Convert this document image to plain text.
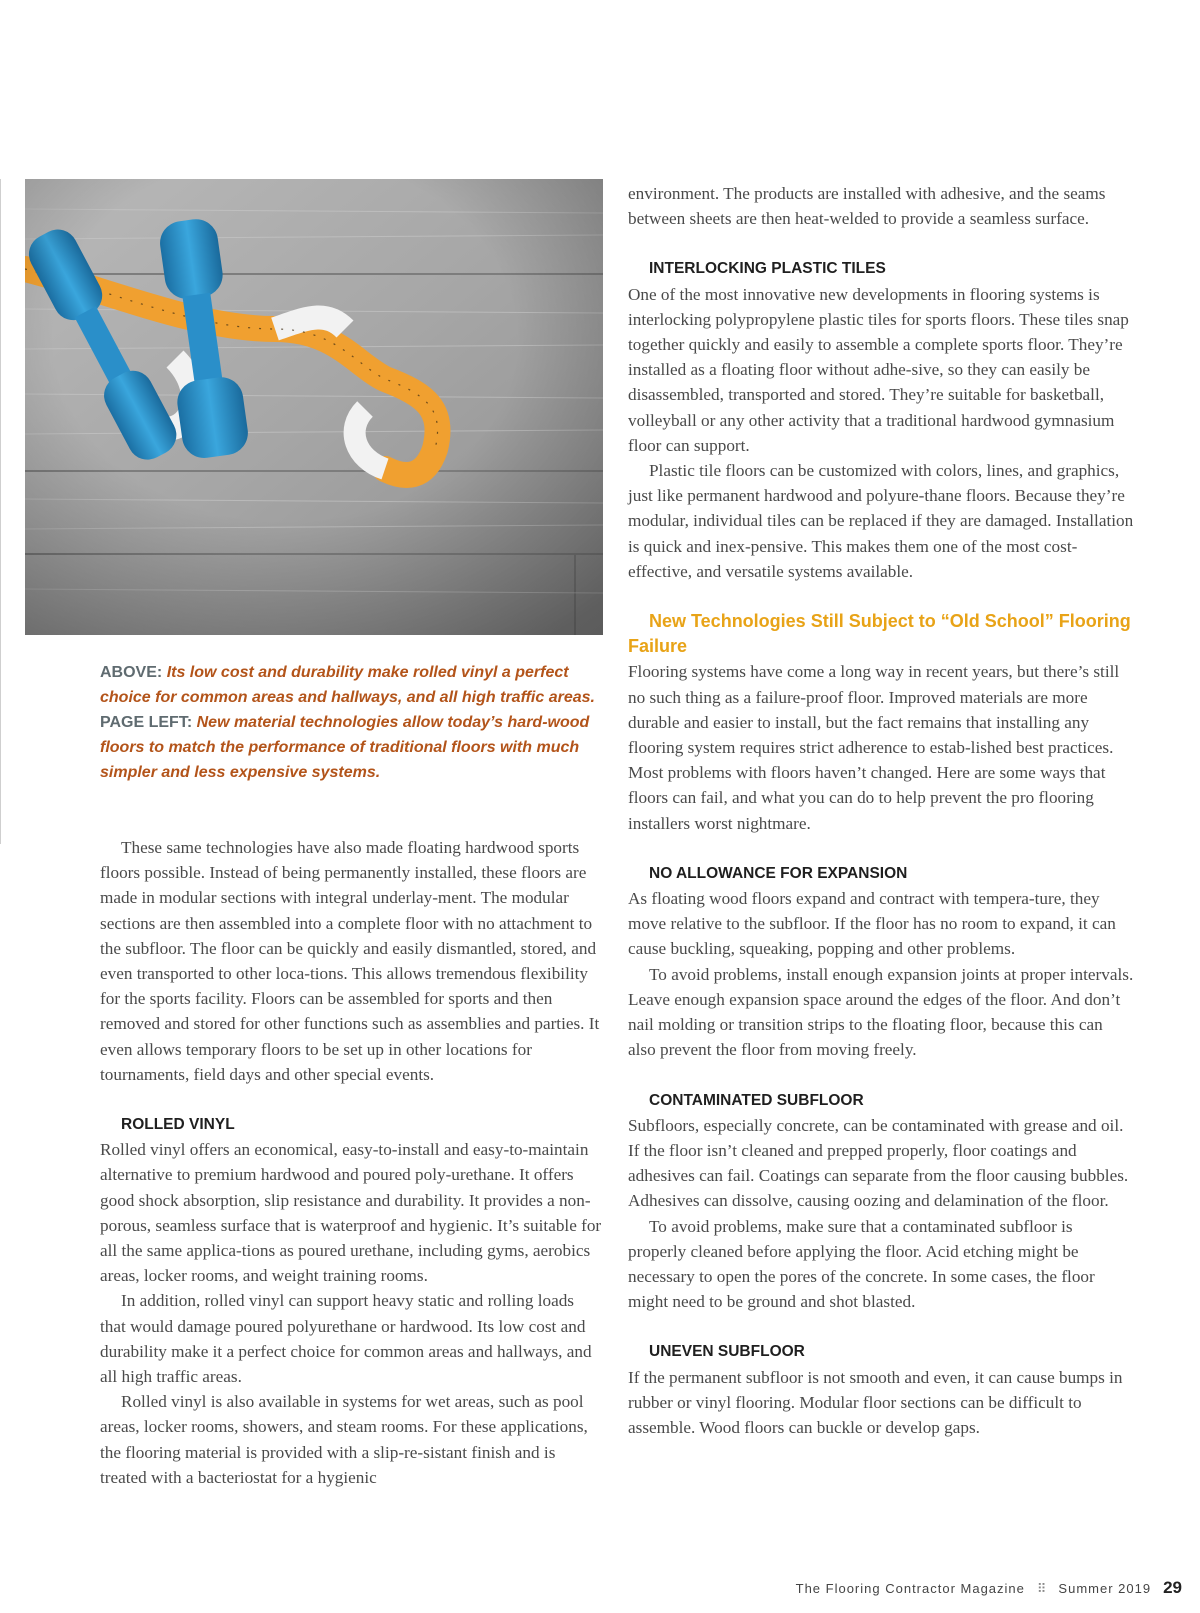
ABOVE: Its low cost and durability make rolled vinyl a perfect choice for common areas and hallways, and all high traffic areas.
PAGE LEFT: New material technologies allow today’s hard-wood floors to match the performance of traditional floors with much simpler and less expensive systems.

These same technologies have also made floating hardwood sports floors possible. Instead of being permanently installed, these floors are made in modular sections with integral underlay-ment. The modular sections are then assembled into a complete floor with no attachment to the subfloor. The floor can be quickly and easily dismantled, stored, and even transported to other loca-tions. This allows tremendous flexibility for the sports facility. Floors can be assembled for sports and then removed and stored for other functions such as assemblies and parties. It even allows temporary floors to be set up in other locations for tournaments, field days and other special events.

ROLLED VINYL

Rolled vinyl offers an economical, easy-to-install and easy-to-maintain alternative to premium hardwood and poured poly-urethane. It offers good shock absorption, slip resistance and durability. It provides a non-porous, seamless surface that is waterproof and hygienic. It’s suitable for all the same applica-tions as poured urethane, including gyms, aerobics areas, locker rooms, and weight training rooms.

In addition, rolled vinyl can support heavy static and rolling loads that would damage poured polyurethane or hardwood. Its low cost and durability make it a perfect choice for common areas and hallways, and all high traffic areas.

Rolled vinyl is also available in systems for wet areas, such as pool areas, locker rooms, showers, and steam rooms. For these applications, the flooring material is provided with a slip-re-sistant finish and is treated with a bacteriostat for a hygienic

environment. The products are installed with adhesive, and the seams between sheets are then heat-welded to provide a seamless surface.

INTERLOCKING PLASTIC TILES

One of the most innovative new developments in flooring systems is interlocking polypropylene plastic tiles for sports floors. These tiles snap together quickly and easily to assemble a complete sports floor. They’re installed as a floating floor without adhe-sive, so they can easily be disassembled, transported and stored. They’re suitable for basketball, volleyball or any other activity that a traditional hardwood gymnasium floor can support.

Plastic tile floors can be customized with colors, lines, and graphics, just like permanent hardwood and polyure-thane floors. Because they’re modular, individual tiles can be replaced if they are damaged. Installation is quick and inex-pensive. This makes them one of the most cost-effective, and versatile systems available.

New Technologies Still Subject to “Old School” Flooring Failure

Flooring systems have come a long way in recent years, but there’s still no such thing as a failure-proof floor. Improved materials are more durable and easier to install, but the fact remains that installing any flooring system requires strict adherence to estab-lished best practices. Most problems with floors haven’t changed. Here are some ways that floors can fail, and what you can do to help prevent the pro flooring installers worst nightmare.

NO ALLOWANCE FOR EXPANSION

As floating wood floors expand and contract with tempera-ture, they move relative to the subfloor. If the floor has no room to expand, it can cause buckling, squeaking, popping and other problems.

To avoid problems, install enough expansion joints at proper intervals. Leave enough expansion space around the edges of the floor. And don’t nail molding or transition strips to the floating floor, because this can also prevent the floor from moving freely.

CONTAMINATED SUBFLOOR

Subfloors, especially concrete, can be contaminated with grease and oil. If the floor isn’t cleaned and prepped properly, floor coatings and adhesives can fail. Coatings can separate from the floor causing bubbles. Adhesives can dissolve, causing oozing and delamination of the floor.

To avoid problems, make sure that a contaminated subfloor is properly cleaned before applying the floor. Acid etching might be necessary to open the pores of the concrete. In some cases, the floor might need to be ground and shot blasted.

UNEVEN SUBFLOOR

If the permanent subfloor is not smooth and even, it can cause bumps in rubber or vinyl flooring. Modular floor sections can be difficult to assemble. Wood floors can buckle or develop gaps.

The Flooring Contractor Magazine ⠿ Summer 2019 29
